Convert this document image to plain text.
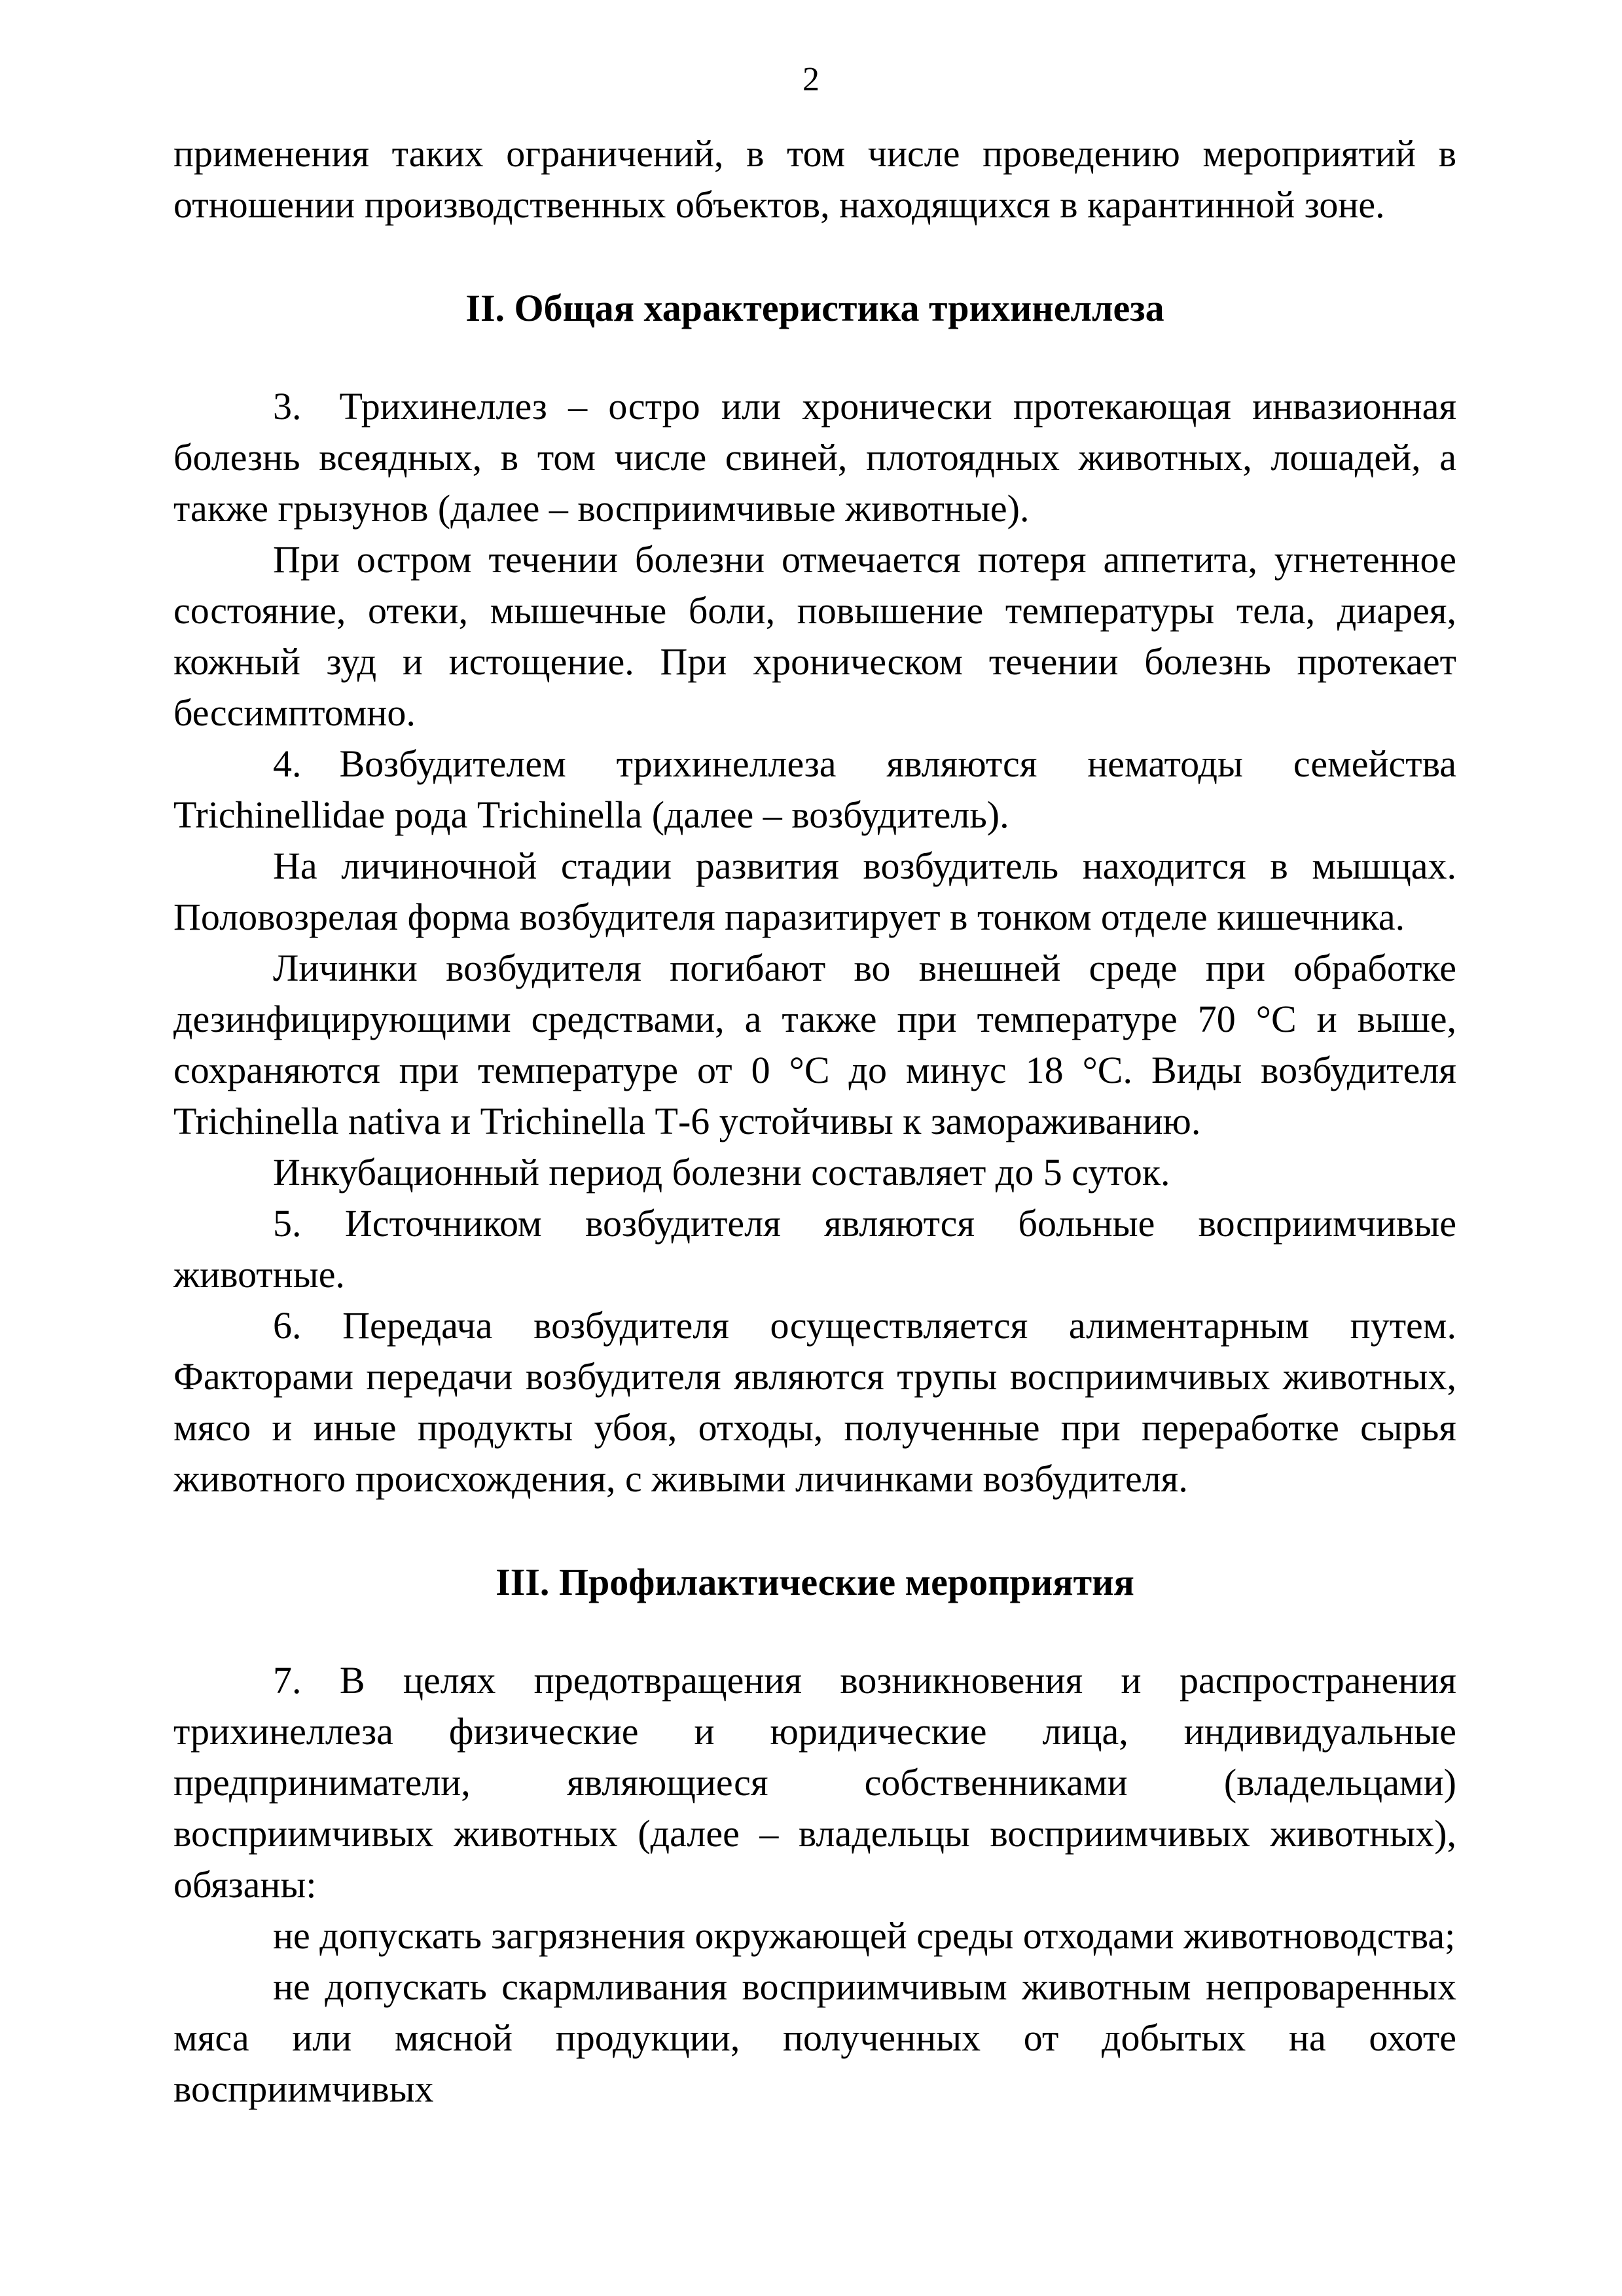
2

применения таких ограничений, в том числе проведению мероприятий в отношении производственных объектов, находящихся в карантинной зоне.

II. Общая характеристика трихинеллеза

3. Трихинеллез – остро или хронически протекающая инвазионная болезнь всеядных, в том числе свиней, плотоядных животных, лошадей, а также грызунов (далее – восприимчивые животные).

При остром течении болезни отмечается потеря аппетита, угнетенное состояние, отеки, мышечные боли, повышение температуры тела, диарея, кожный зуд и истощение. При хроническом течении болезнь протекает бессимптомно.

4. Возбудителем трихинеллеза являются нематоды семейства Trichinellidae рода Trichinella (далее – возбудитель).

На личиночной стадии развития возбудитель находится в мышцах. Половозрелая форма возбудителя паразитирует в тонком отделе кишечника.

Личинки возбудителя погибают во внешней среде при обработке дезинфицирующими средствами, а также при температуре 70 °С и выше, сохраняются при температуре от 0 °С до минус 18 °С. Виды возбудителя Trichinella nativa и Trichinella Т-6 устойчивы к замораживанию.

Инкубационный период болезни составляет до 5 суток.

5. Источником возбудителя являются больные восприимчивые животные.

6. Передача возбудителя осуществляется алиментарным путем. Факторами передачи возбудителя являются трупы восприимчивых животных, мясо и иные продукты убоя, отходы, полученные при переработке сырья животного происхождения, с живыми личинками возбудителя.

III. Профилактические мероприятия

7. В целях предотвращения возникновения и распространения трихинеллеза физические и юридические лица, индивидуальные предприниматели, являющиеся собственниками (владельцами) восприимчивых животных (далее – владельцы восприимчивых животных), обязаны:

не допускать загрязнения окружающей среды отходами животноводства;

не допускать скармливания восприимчивым животным непроваренных мяса или мясной продукции, полученных от добытых на охоте восприимчивых
